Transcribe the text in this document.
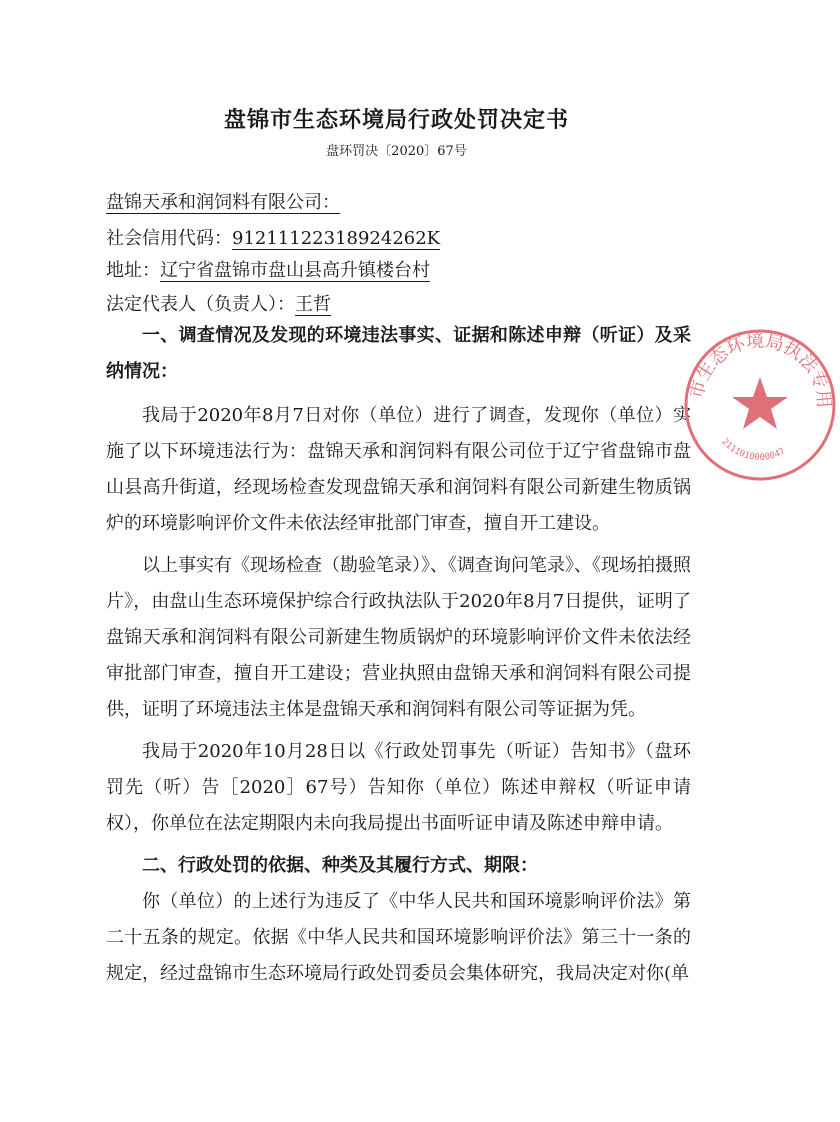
盘锦市生态环境局行政处罚决定书
盘环罚决〔2020〕67号
盘锦天承和润饲料有限公司：
社会信用代码：91211122318924262K
地址：辽宁省盘锦市盘山县高升镇楼台村
法定代表人（负责人）：王哲

一、调查情况及发现的环境违法事实、证据和陈述申辩（听证）及采纳情况：

我局于2020年8月7日对你（单位）进行了调查，发现你（单位）实施了以下环境违法行为：盘锦天承和润饲料有限公司位于辽宁省盘锦市盘山县高升街道，经现场检查发现盘锦天承和润饲料有限公司新建生物质锅炉的环境影响评价文件未依法经审批部门审查，擅自开工建设。

以上事实有《现场检查（勘验笔录）》、《调查询问笔录》、《现场拍摄照片》，由盘山生态环境保护综合行政执法队于2020年8月7日提供，证明了盘锦天承和润饲料有限公司新建生物质锅炉的环境影响评价文件未依法经审批部门审查，擅自开工建设；营业执照由盘锦天承和润饲料有限公司提供，证明了环境违法主体是盘锦天承和润饲料有限公司等证据为凭。

我局于2020年10月28日以《行政处罚事先（听证）告知书》（盘环罚先（听）告［2020］67号）告知你（单位）陈述申辩权（听证申请权），你单位在法定期限内未向我局提出书面听证申请及陈述申辩申请。

二、行政处罚的依据、种类及其履行方式、期限：

你（单位）的上述行为违反了《中华人民共和国环境影响评价法》第二十五条的规定。依据《中华人民共和国环境影响评价法》第三十一条的规定，经过盘锦市生态环境局行政处罚委员会集体研究，我局决定对你(单

市生态环境局执法专用
2111010000047
